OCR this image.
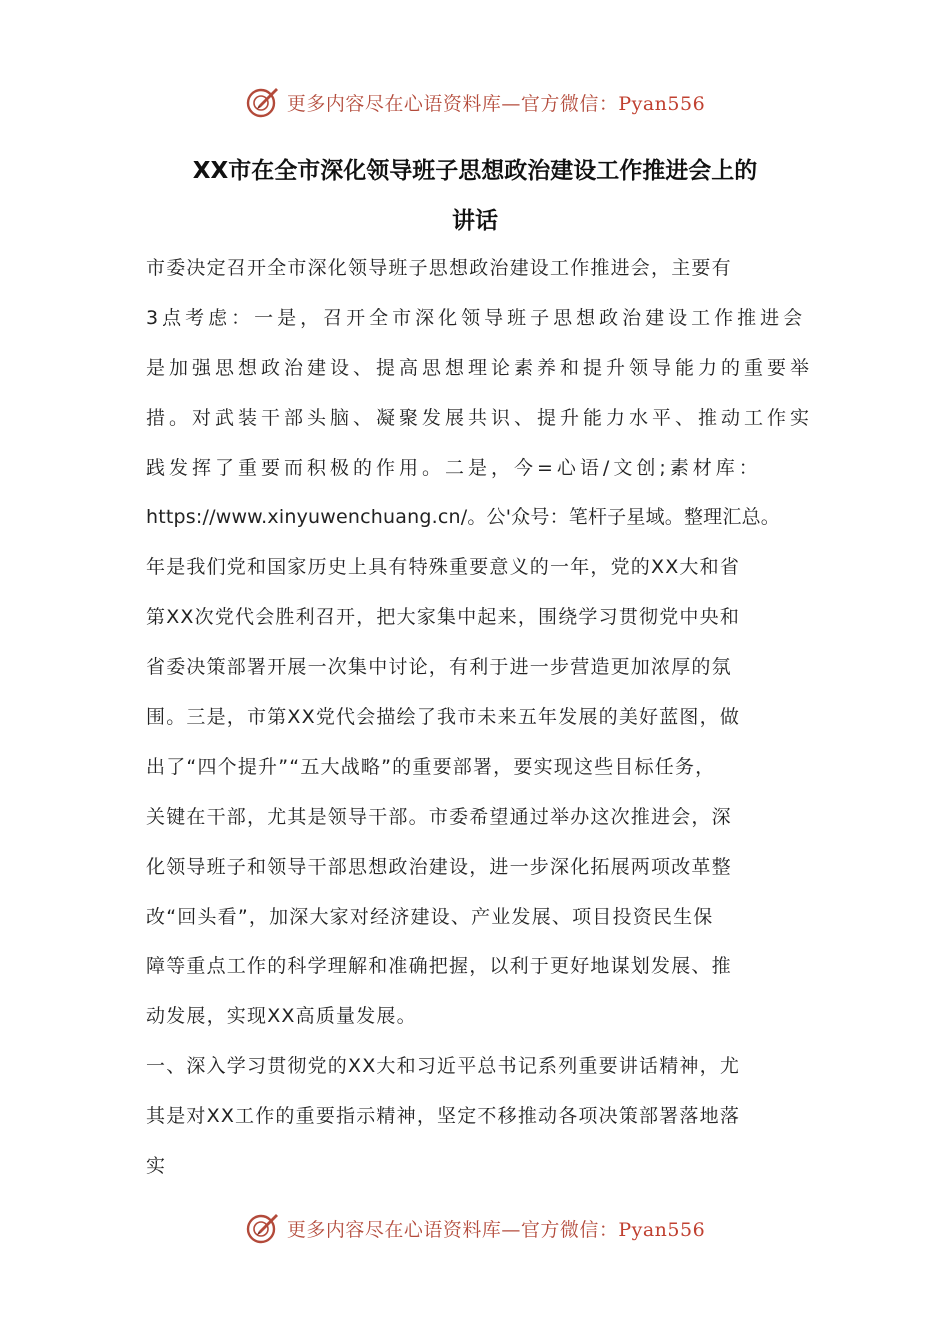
更多内容尽在心语资料库—官方微信：Pyan556
XX市在全市深化领导班子思想政治建设工作推进会上的
讲话
市委决定召开全市深化领导班子思想政治建设工作推进会，主要有
3点考虑：一是，召开全市深化领导班子思想政治建设工作推进会
是加强思想政治建设、提高思想理论素养和提升领导能力的重要举
措。对武装干部头脑、凝聚发展共识、提升能力水平、推动工作实
践发挥了重要而积极的作用。二是，今=心语/文创;素材库：
https://www.xinyuwenchuang.cn/。公'众号：笔杆子星域。整理汇总。
年是我们党和国家历史上具有特殊重要意义的一年，党的XX大和省
第XX次党代会胜利召开，把大家集中起来，围绕学习贯彻党中央和
省委决策部署开展一次集中讨论，有利于进一步营造更加浓厚的氛
围。三是，市第XX党代会描绘了我市未来五年发展的美好蓝图，做
出了“四个提升”“五大战略”的重要部署，要实现这些目标任务，
关键在干部，尤其是领导干部。市委希望通过举办这次推进会，深
化领导班子和领导干部思想政治建设，进一步深化拓展两项改革整
改“回头看”，加深大家对经济建设、产业发展、项目投资民生保
障等重点工作的科学理解和准确把握，以利于更好地谋划发展、推
动发展，实现XX高质量发展。
一、深入学习贯彻党的XX大和习近平总书记系列重要讲话精神，尤
其是对XX工作的重要指示精神，坚定不移推动各项决策部署落地落
实
更多内容尽在心语资料库—官方微信：Pyan556
